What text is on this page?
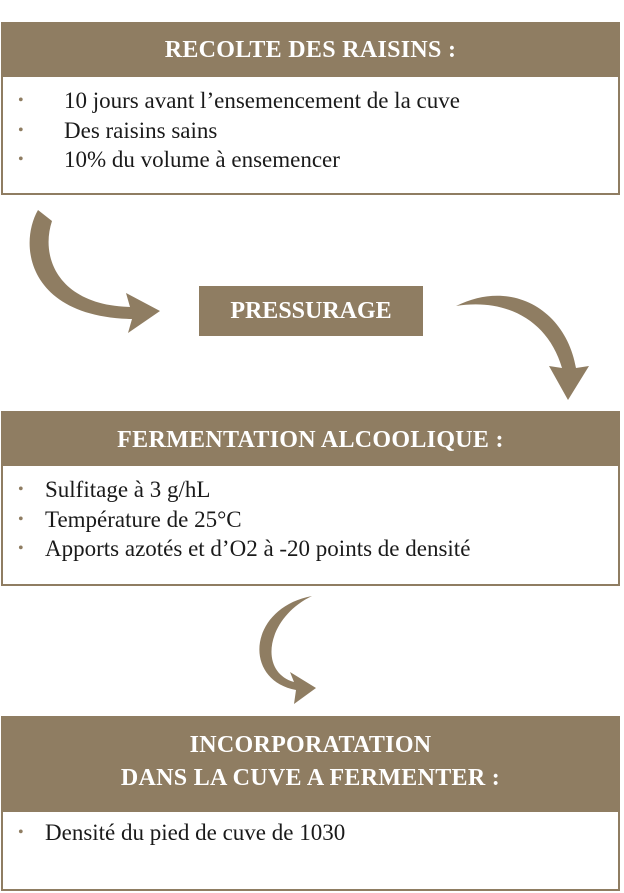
RECOLTE DES RAISINS :
• 10 jours avant l’ensemencement de la cuve
• Des raisins sains
• 10% du volume à ensemencer
PRESSURAGE
FERMENTATION ALCOOLIQUE :
• Sulfitage à 3 g/hL
• Température de 25°C
• Apports azotés et d’O2 à -20 points de densité
INCORPORATATION
DANS LA CUVE A FERMENTER :
• Densité du pied de cuve de 1030
